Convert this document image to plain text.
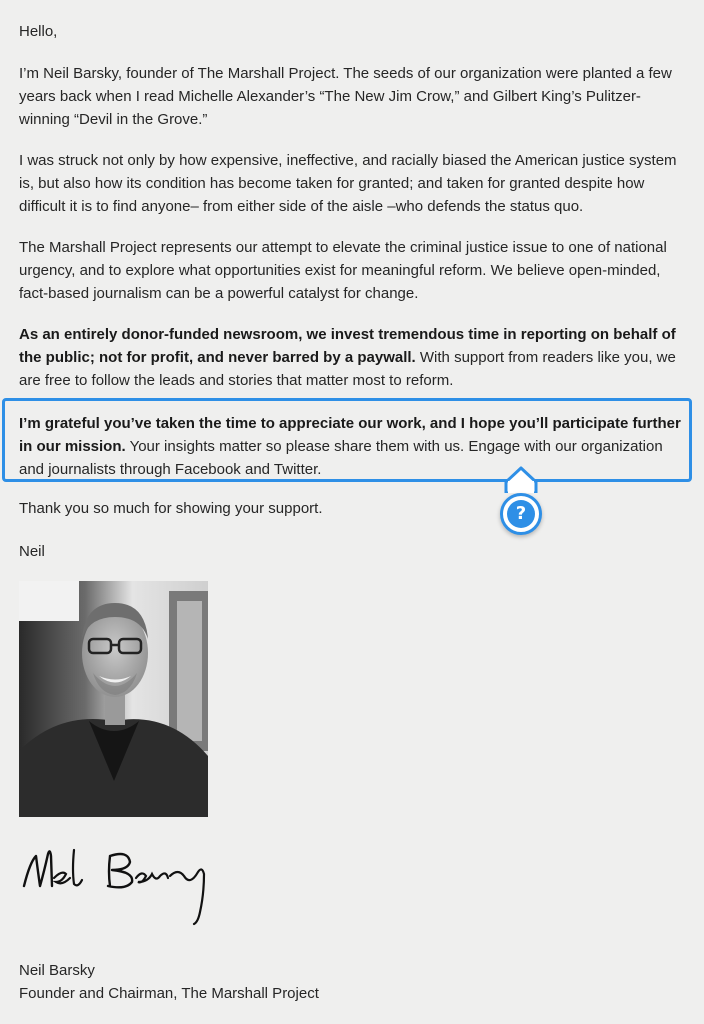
Hello,

I’m Neil Barsky, founder of The Marshall Project. The seeds of our organization were planted a few years back when I read Michelle Alexander’s “The New Jim Crow,” and Gilbert King’s Pulitzer-winning “Devil in the Grove.”

I was struck not only by how expensive, ineffective, and racially biased the American justice system is, but also how its condition has become taken for granted; and taken for granted despite how difficult it is to find anyone– from either side of the aisle –who defends the status quo.

The Marshall Project represents our attempt to elevate the criminal justice issue to one of national urgency, and to explore what opportunities exist for meaningful reform. We believe open-minded, fact-based journalism can be a powerful catalyst for change.

As an entirely donor-funded newsroom, we invest tremendous time in reporting on behalf of the public; not for profit, and never barred by a paywall. With support from readers like you, we are free to follow the leads and stories that matter most to reform.

I’m grateful you’ve taken the time to appreciate our work, and I hope you’ll participate further in our mission. Your insights matter so please share them with us. Engage with our organization and journalists through Facebook and Twitter.

?

Thank you so much for showing your support.

Neil

Neil Barsky

Founder and Chairman, The Marshall Project
